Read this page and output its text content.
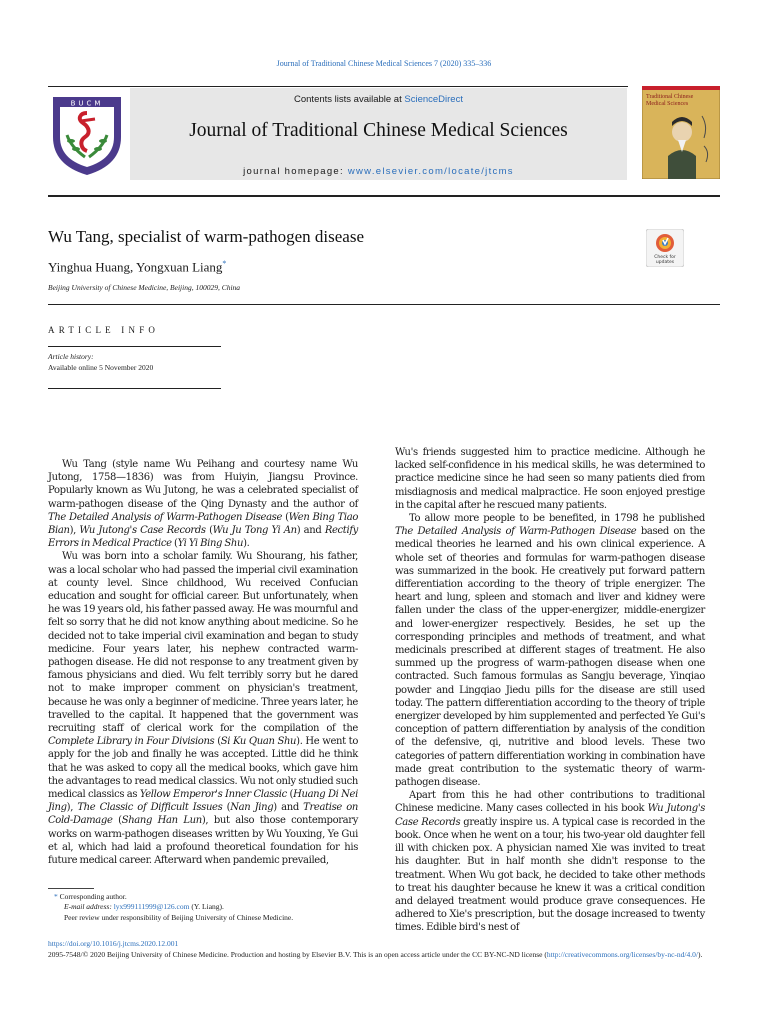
Journal of Traditional Chinese Medical Sciences 7 (2020) 335–336
BUCM	Contents lists available at ScienceDirect
Journal of Traditional Chinese Medical Sciences
journal homepage: www.elsevier.com/locate/jtcms
Traditional Chinese
Medical Sciences
Wu Tang, specialist of warm-pathogen disease
Check for
updates
Yinghua Huang, Yongxuan Liang*
Beijing University of Chinese Medicine, Beijing, 100029, China
ARTICLE INFO
Article history:
Available online 5 November 2020

Wu Tang (style name Wu Peihang and courtesy name Wu Jutong, 1758—1836) was from Huiyin, Jiangsu Province. Popularly known as Wu Jutong, he was a celebrated specialist of warm-pathogen disease of the Qing Dynasty and the author of The Detailed Analysis of Warm-Pathogen Disease (Wen Bing Tiao Bian), Wu Jutong's Case Records (Wu Ju Tong Yi An) and Rectify Errors in Medical Practice (Yi Yi Bing Shu).

Wu was born into a scholar family. Wu Shourang, his father, was a local scholar who had passed the imperial civil examination at county level. Since childhood, Wu received Confucian education and sought for official career. But unfortunately, when he was 19 years old, his father passed away. He was mournful and felt so sorry that he did not know anything about medicine. So he decided not to take imperial civil examination and began to study medicine. Four years later, his nephew contracted warm-pathogen disease. He did not response to any treatment given by famous physicians and died. Wu felt terribly sorry but he dared not to make improper comment on physician's treatment, because he was only a beginner of medicine. Three years later, he travelled to the capital. It happened that the government was recruiting staff of clerical work for the compilation of the Complete Library in Four Divisions (Si Ku Quan Shu). He went to apply for the job and finally he was accepted. Little did he think that he was asked to copy all the medical books, which gave him the advantages to read medical classics. Wu not only studied such medical classics as Yellow Emperor's Inner Classic (Huang Di Nei Jing), The Classic of Difficult Issues (Nan Jing) and Treatise on Cold-Damage (Shang Han Lun), but also those contemporary works on warm-pathogen diseases written by Wu Youxing, Ye Gui et al, which had laid a profound theoretical foundation for his future medical career. Afterward when pandemic prevailed,

Wu's friends suggested him to practice medicine. Although he lacked self-confidence in his medical skills, he was determined to practice medicine since he had seen so many patients died from misdiagnosis and medical malpractice. He soon enjoyed prestige in the capital after he rescued many patients.

To allow more people to be benefited, in 1798 he published The Detailed Analysis of Warm-Pathogen Disease based on the medical theories he learned and his own clinical experience. A whole set of theories and formulas for warm-pathogen disease was summarized in the book. He creatively put forward pattern differentiation according to the theory of triple energizer. The heart and lung, spleen and stomach and liver and kidney were fallen under the class of the upper-energizer, middle-energizer and lower-energizer respectively. Besides, he set up the corresponding principles and methods of treatment, and what medicinals prescribed at different stages of treatment. He also summed up the progress of warm-pathogen disease when one contracted. Such famous formulas as Sangju beverage, Yinqiao powder and Lingqiao Jiedu pills for the disease are still used today. The pattern differentiation according to the theory of triple energizer developed by him supplemented and perfected Ye Gui's conception of pattern differentiation by analysis of the condition of the defensive, qi, nutritive and blood levels. These two categories of pattern differentiation working in combination have made great contribution to the systematic theory of warm-pathogen disease.

Apart from this he had other contributions to traditional Chinese medicine. Many cases collected in his book Wu Jutong's Case Records greatly inspire us. A typical case is recorded in the book. Once when he went on a tour, his two-year old daughter fell ill with chicken pox. A physician named Xie was invited to treat his daughter. But in half month she didn't response to the treatment. When Wu got back, he decided to take other methods to treat his daughter because he knew it was a critical condition and delayed treatment would produce grave consequences. He adhered to Xie's prescription, but the dosage increased to twenty times. Edible bird's nest of

* Corresponding author.
E-mail address: lyx999111999@126.com (Y. Liang).
Peer review under responsibility of Beijing University of Chinese Medicine.
https://doi.org/10.1016/j.jtcms.2020.12.001
2095-7548/© 2020 Beijing University of Chinese Medicine. Production and hosting by Elsevier B.V. This is an open access article under the CC BY-NC-ND license (http://creativecommons.org/licenses/by-nc-nd/4.0/).
